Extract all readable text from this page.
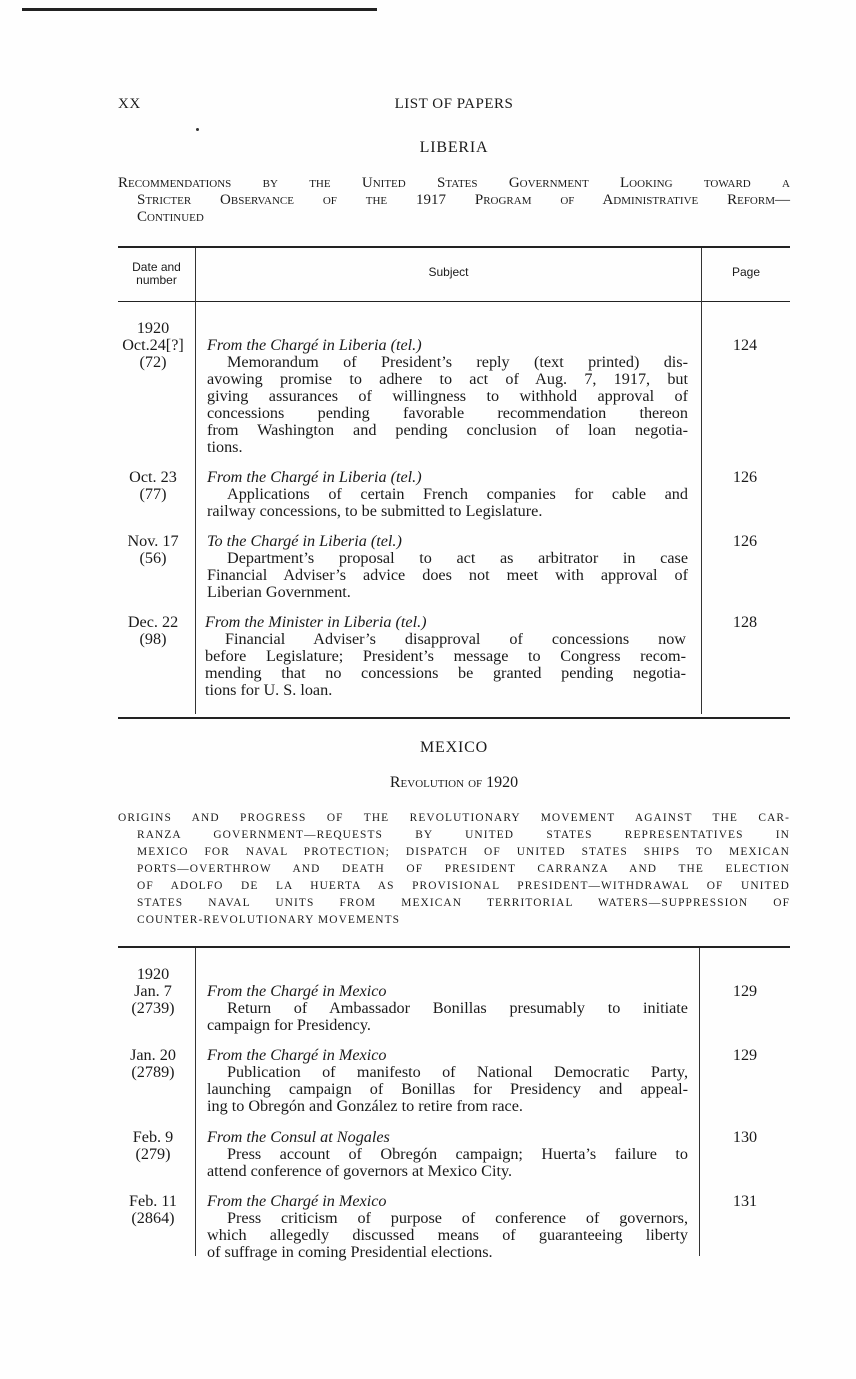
XX	LIST OF PAPERS
LIBERIA
Recommendations by the United States Government Looking toward a
Stricter Observance of the 1917 Program of Administrative Reform—
Continued
Date and
number
Subject	Page
1920
Oct.24[?]
(72)
From the Chargé in Liberia (tel.)
Memorandum of President’s reply (text printed) dis-
avowing promise to adhere to act of Aug. 7, 1917, but
giving assurances of willingness to withhold approval of
concessions pending favorable recommendation thereon
from Washington and pending conclusion of loan negotia-
tions.
124
Oct. 23
(77)
From the Chargé in Liberia (tel.)
Applications of certain French companies for cable and
railway concessions, to be submitted to Legislature.
126
Nov. 17
(56)
To the Chargé in Liberia (tel.)
Department’s proposal to act as arbitrator in case
Financial Adviser’s advice does not meet with approval of
Liberian Government.
126
Dec. 22
(98)
From the Minister in Liberia (tel.)
Financial Adviser’s disapproval of concessions now
before Legislature; President’s message to Congress recom-
mending that no concessions be granted pending negotia-
tions for U. S. loan.
128
MEXICO
Revolution of 1920
ORIGINS AND PROGRESS OF THE REVOLUTIONARY MOVEMENT AGAINST THE CAR-
RANZA GOVERNMENT—REQUESTS BY UNITED STATES REPRESENTATIVES IN
MEXICO FOR NAVAL PROTECTION; DISPATCH OF UNITED STATES SHIPS TO MEXICAN
PORTS—OVERTHROW AND DEATH OF PRESIDENT CARRANZA AND THE ELECTION
OF ADOLFO DE LA HUERTA AS PROVISIONAL PRESIDENT—WITHDRAWAL OF UNITED
STATES NAVAL UNITS FROM MEXICAN TERRITORIAL WATERS—SUPPRESSION OF
COUNTER-REVOLUTIONARY MOVEMENTS
1920
Jan. 7
(2739)
From the Chargé in Mexico
Return of Ambassador Bonillas presumably to initiate
campaign for Presidency.
129
Jan. 20
(2789)
From the Chargé in Mexico
Publication of manifesto of National Democratic Party,
launching campaign of Bonillas for Presidency and appeal-
ing to Obregón and González to retire from race.
129
Feb. 9
(279)
From the Consul at Nogales
Press account of Obregón campaign; Huerta’s failure to
attend conference of governors at Mexico City.
130
Feb. 11
(2864)
From the Chargé in Mexico
Press criticism of purpose of conference of governors,
which allegedly discussed means of guaranteeing liberty
of suffrage in coming Presidential elections.
131
